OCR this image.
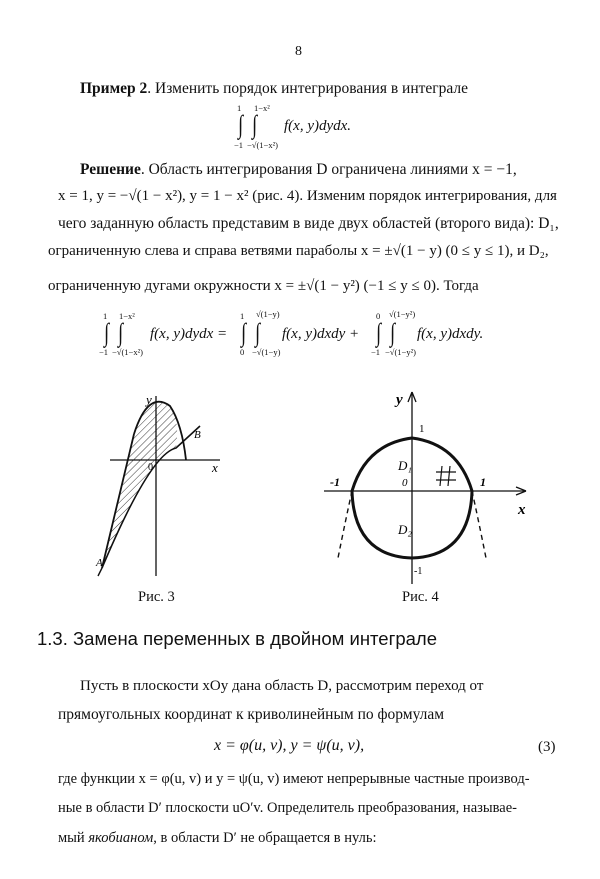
8
Пример 2. Изменить порядок интегрирования в интеграле
∫ ∫
1
−1
1−x²
−√(1−x²)
f(x, y)dydx.
Решение. Область интегрирования D ограничена линиями x = −1,
x = 1, y = −√(1 − x²), y = 1 − x² (рис. 4). Изменим порядок интегрирования, для
чего заданную область представим в виде двух областей (второго вида): D₁,
ограниченную слева и справа ветвями параболы x = ±√(1 − y) (0 ≤ y ≤ 1), и D₂,
ограниченную дугами окружности x = ±√(1 − y²) (−1 ≤ y ≤ 0). Тогда
∫ ∫
1
−1
1−x²
−√(1−x²)
f(x, y)dydx = ∫ ∫
1
0
√(1−y)
−√(1−y)
f(x, y)dxdy + ∫ ∫
0
−1
√(1−y²)
−√(1−y²)
f(x, y)dxdy.
y
x
0
A
B
Рис. 3
y
x
1
D₁
0
-1	1
D₂
-1
Рис. 4
1.3. Замена переменных в двойном интеграле
Пусть в плоскости xOy дана область D, рассмотрим переход от
прямоугольных координат к криволинейным по формулам
x = φ(u, v), y = ψ(u, v),	(3)
где функции x = φ(u, v) и y = ψ(u, v) имеют непрерывные частные производ-
ные в области D′ плоскости uO′v. Определитель преобразования, называе-
мый якобианом, в области D′ не обращается в нуль:
